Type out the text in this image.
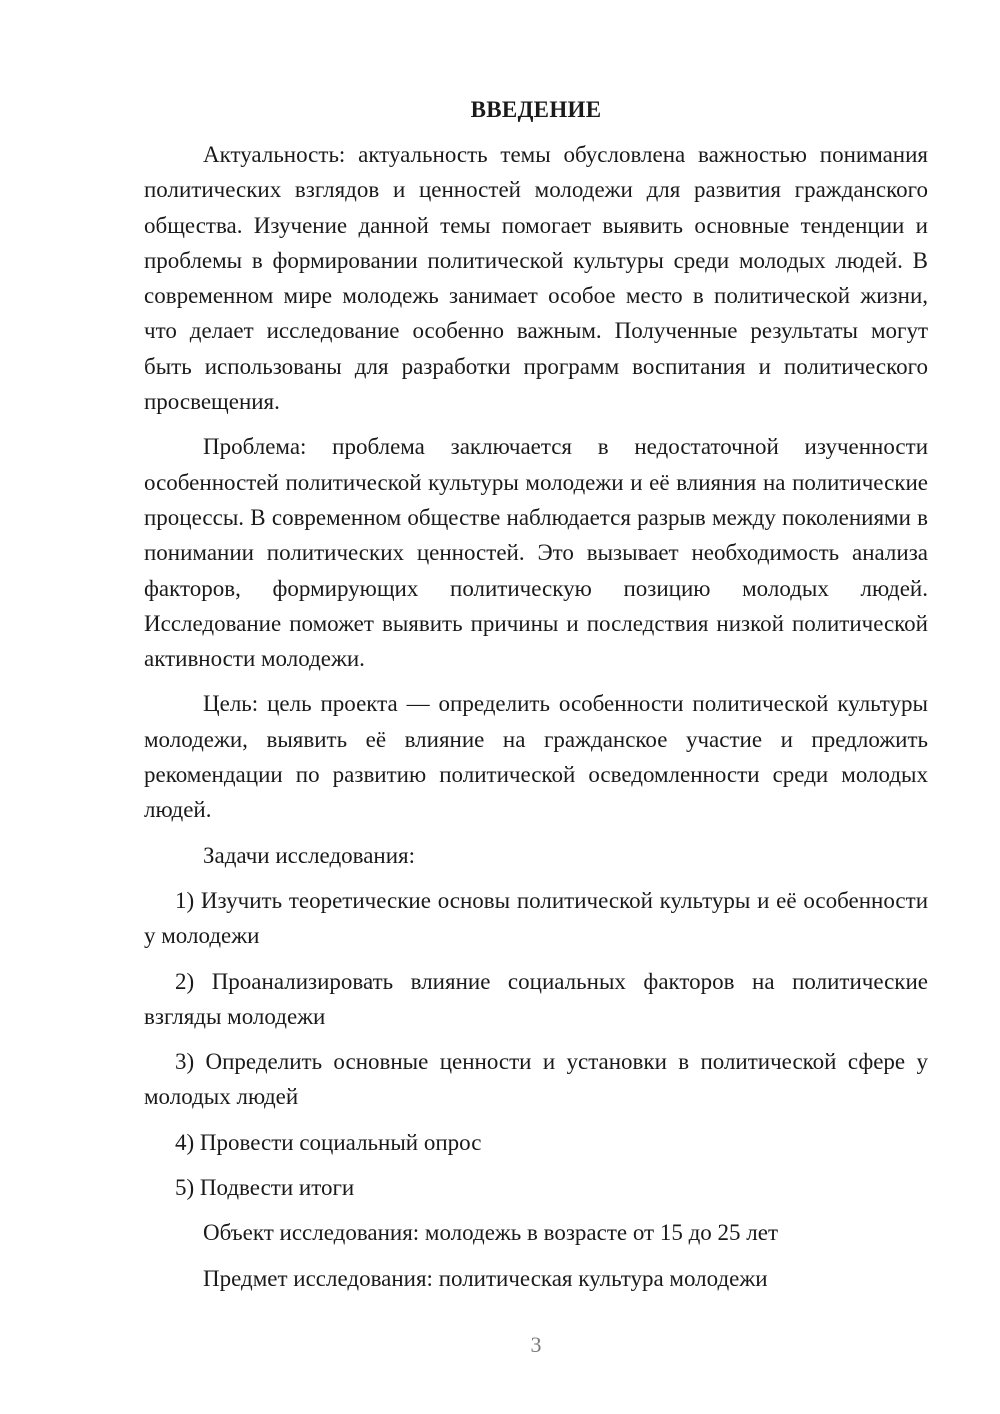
ВВЕДЕНИЕ
Актуальность: актуальность темы обусловлена важностью понимания политических взглядов и ценностей молодежи для развития гражданского общества. Изучение данной темы помогает выявить основные тенденции и проблемы в формировании политической культуры среди молодых людей. В современном мире молодежь занимает особое место в политической жизни, что делает исследование особенно важным. Полученные результаты могут быть использованы для разработки программ воспитания и политического просвещения.
Проблема: проблема заключается в недостаточной изученности особенностей политической культуры молодежи и её влияния на политические процессы. В современном обществе наблюдается разрыв между поколениями в понимании политических ценностей. Это вызывает необходимость анализа факторов, формирующих политическую позицию молодых людей. Исследование поможет выявить причины и последствия низкой политической активности молодежи.
Цель: цель проекта — определить особенности политической культуры молодежи, выявить её влияние на гражданское участие и предложить рекомендации по развитию политической осведомленности среди молодых людей.
Задачи исследования:
1) Изучить теоретические основы политической культуры и её особенности у молодежи
2) Проанализировать влияние социальных факторов на политические взгляды молодежи
3) Определить основные ценности и установки в политической сфере у молодых людей
4) Провести социальный опрос
5) Подвести итоги
Объект исследования: молодежь в возрасте от 15 до 25 лет
Предмет исследования: политическая культура молодежи
3
